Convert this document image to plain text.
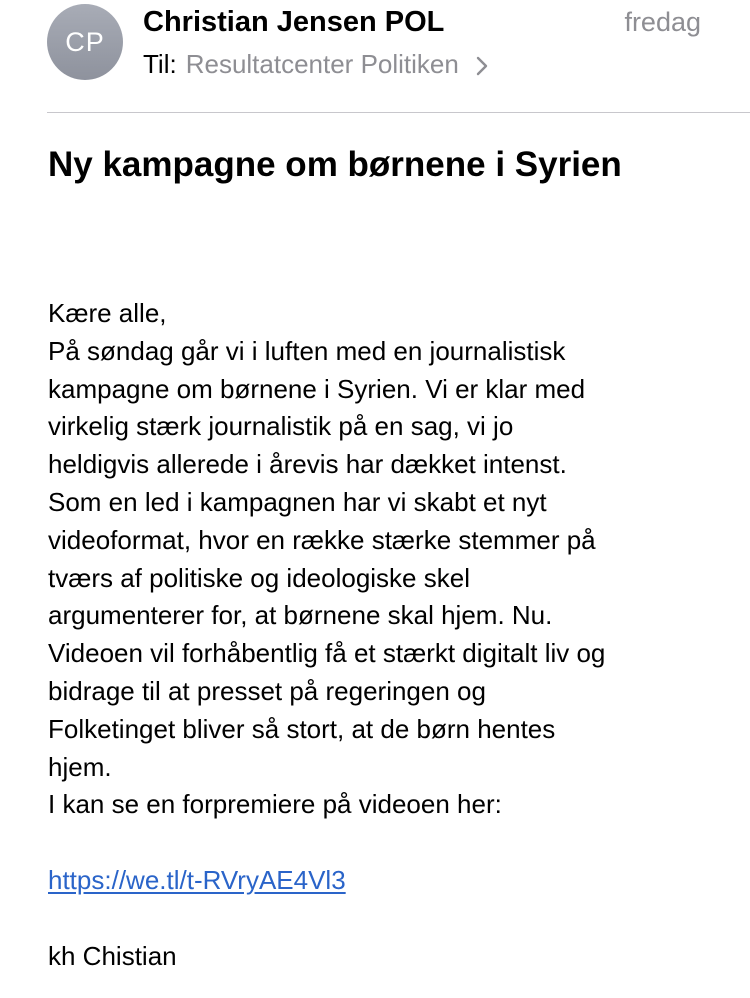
CP
Christian Jensen POL	fredag
Til: Resultatcenter Politiken
Ny kampagne om børnene i Syrien

Kære alle,

På søndag går vi i luften med en journalistisk

kampagne om børnene i Syrien. Vi er klar med

virkelig stærk journalistik på en sag, vi jo

heldigvis allerede i årevis har dækket intenst.

Som en led i kampagnen har vi skabt et nyt

videoformat, hvor en række stærke stemmer på

tværs af politiske og ideologiske skel

argumenterer for, at børnene skal hjem. Nu.

Videoen vil forhåbentlig få et stærkt digitalt liv og

bidrage til at presset på regeringen og

Folketinget bliver så stort, at de børn hentes

hjem.

I kan se en forpremiere på videoen her:

https://we.tl/t-RVryAE4Vl3

kh Chistian
